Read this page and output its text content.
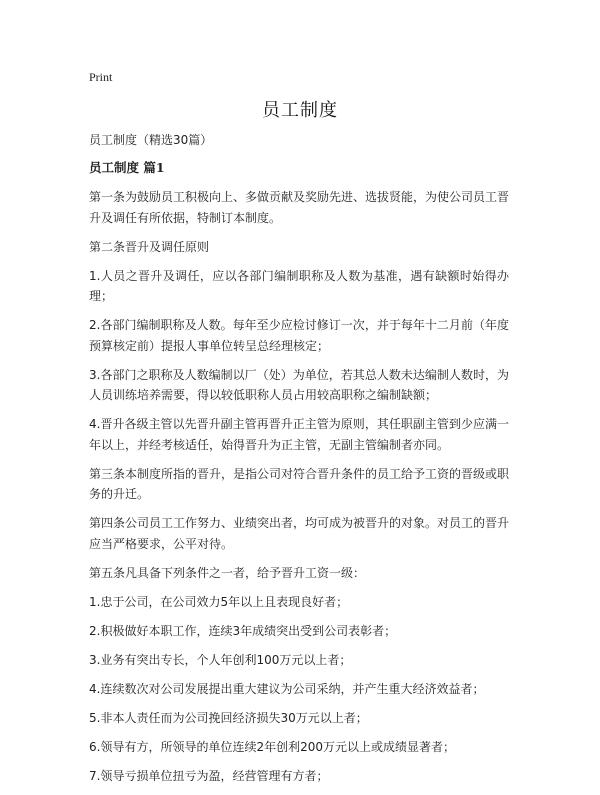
Print
员工制度

员工制度（精选30篇）

员工制度 篇1

第一条为鼓励员工积极向上、多做贡献及奖励先进、选拔贤能，为使公司员工晋升及调任有所依据，特制订本制度。

第二条晋升及调任原则

1.人员之晋升及调任，应以各部门编制职称及人数为基准，遇有缺额时始得办理；

2.各部门编制职称及人数。每年至少应检讨修订一次，并于每年十二月前（年度预算核定前）提报人事单位转呈总经理核定；

3.各部门之职称及人数编制以厂（处）为单位，若其总人数未达编制人数时，为人员训练培养需要，得以较低职称人员占用较高职称之编制缺额；

4.晋升各级主管以先晋升副主管再晋升正主管为原则，其任职副主管到少应满一年以上，并经考核适任，始得晋升为正主管，无副主管编制者亦同。

第三条本制度所指的晋升，是指公司对符合晋升条件的员工给予工资的晋级或职务的升迁。

第四条公司员工工作努力、业绩突出者，均可成为被晋升的对象。对员工的晋升应当严格要求，公平对待。

第五条凡具备下列条件之一者，给予晋升工资一级：

1.忠于公司，在公司效力5年以上且表现良好者；

2.积极做好本职工作，连续3年成绩突出受到公司表彰者；

3.业务有突出专长，个人年创利100万元以上者；

4.连续数次对公司发展提出重大建议为公司采纳，并产生重大经济效益者；

5.非本人责任而为公司挽回经济损失30万元以上者；

6.领导有方，所领导的单位连续2年创利200万元以上或成绩显著者；

7.领导亏损单位扭亏为盈，经营管理有方者；
